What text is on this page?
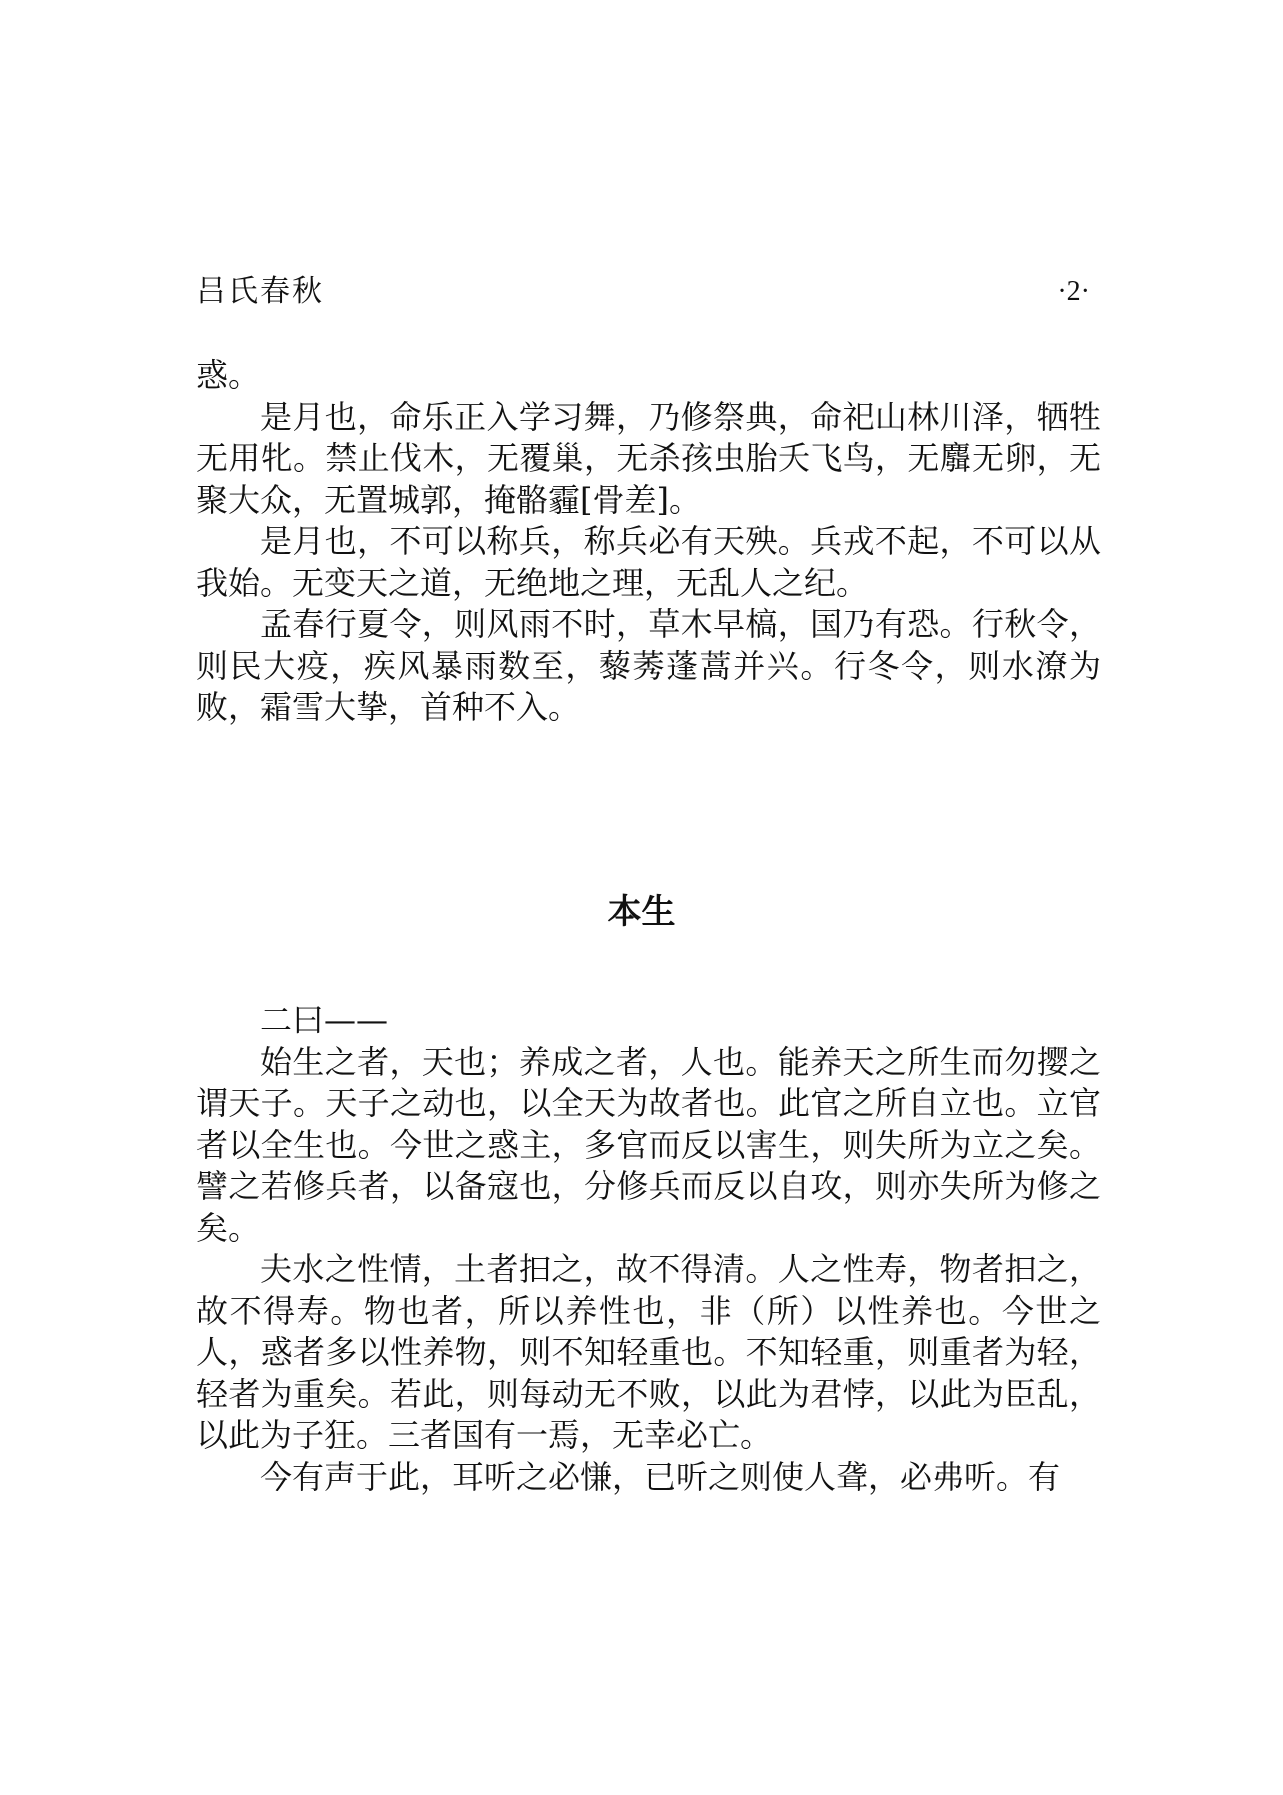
吕氏春秋	·2·

惑。

是月也，命乐正入学习舞，乃修祭典，命祀山林川泽，牺牲无用牝。禁止伐木，无覆巢，无杀孩虫胎夭飞鸟，无麛无卵，无聚大众，无置城郭，掩骼霾[骨差]。

是月也，不可以称兵，称兵必有天殃。兵戎不起，不可以从我始。无变天之道，无绝地之理，无乱人之纪。

孟春行夏令，则风雨不时，草木早槁，国乃有恐。行秋令，则民大疫，疾风暴雨数至，藜莠蓬蒿并兴。行冬令，则水潦为败，霜雪大挚，首种不入。

本生

二曰——

始生之者，天也；养成之者，人也。能养天之所生而勿撄之谓天子。天子之动也，以全天为故者也。此官之所自立也。立官者以全生也。今世之惑主，多官而反以害生，则失所为立之矣。譬之若修兵者，以备寇也，分修兵而反以自攻，则亦失所为修之矣。

夫水之性情，土者抇之，故不得清。人之性寿，物者抇之，故不得寿。物也者，所以养性也，非（所）以性养也。今世之人，惑者多以性养物，则不知轻重也。不知轻重，则重者为轻，轻者为重矣。若此，则每动无不败，以此为君悖，以此为臣乱，以此为子狂。三者国有一焉，无幸必亡。

今有声于此，耳听之必慊，已听之则使人聋，必弗听。有
